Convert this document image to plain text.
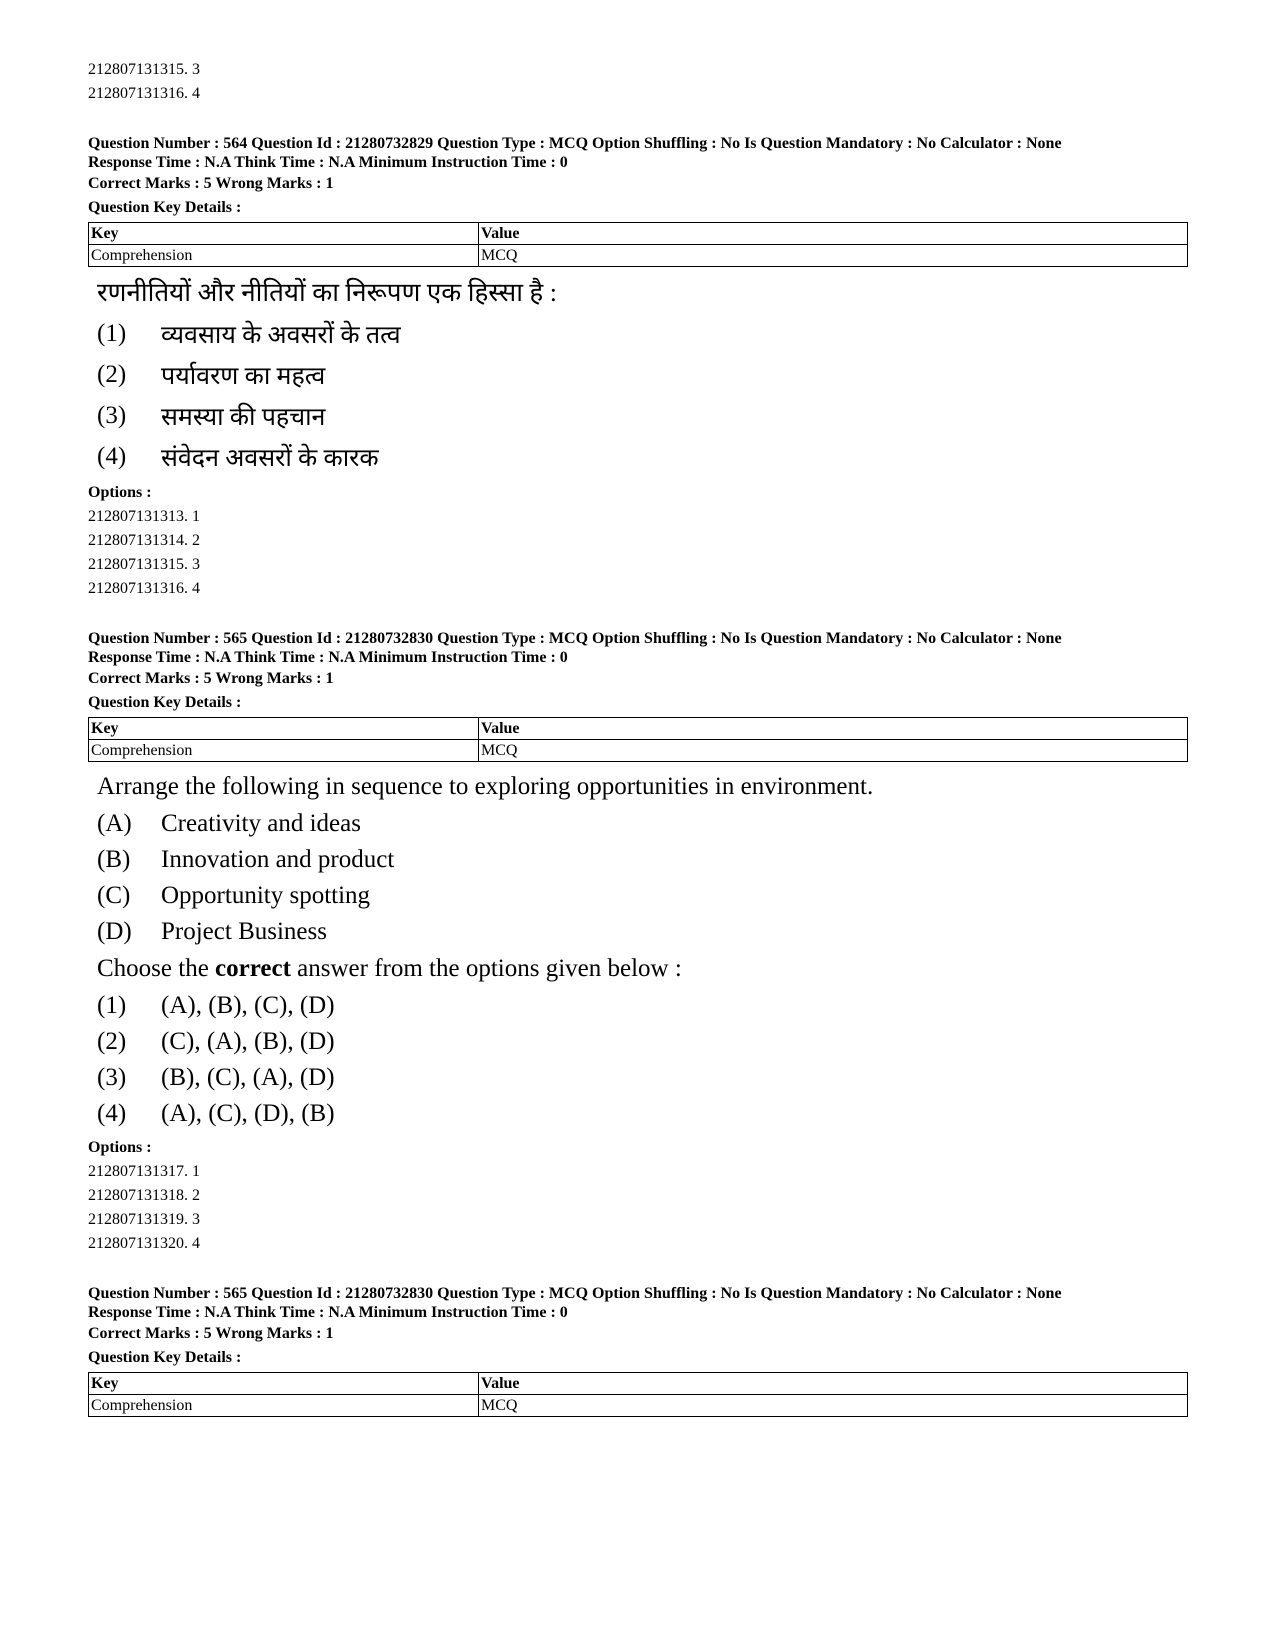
212807131315. 3
212807131316. 4
Question Number : 564 Question Id : 21280732829 Question Type : MCQ Option Shuffling : No Is Question Mandatory : No Calculator : None
Response Time : N.A Think Time : N.A Minimum Instruction Time : 0
Correct Marks : 5 Wrong Marks : 1
Question Key Details :
Key	Value
Comprehension	MCQ
रणनीतियों और नीतियों का निरूपण एक हिस्सा है :
(1)	व्यवसाय के अवसरों के तत्व
(2)	पर्यावरण का महत्व
(3)	समस्या की पहचान
(4)	संवेदन अवसरों के कारक
Options :
212807131313. 1
212807131314. 2
212807131315. 3
212807131316. 4
Question Number : 565 Question Id : 21280732830 Question Type : MCQ Option Shuffling : No Is Question Mandatory : No Calculator : None
Response Time : N.A Think Time : N.A Minimum Instruction Time : 0
Correct Marks : 5 Wrong Marks : 1
Question Key Details :
Key	Value
Comprehension	MCQ
Arrange the following in sequence to exploring opportunities in environment.
(A)	Creativity and ideas
(B)	Innovation and product
(C)	Opportunity spotting
(D)	Project Business
Choose the correct answer from the options given below :
(1)	(A), (B), (C), (D)
(2)	(C), (A), (B), (D)
(3)	(B), (C), (A), (D)
(4)	(A), (C), (D), (B)
Options :
212807131317. 1
212807131318. 2
212807131319. 3
212807131320. 4
Question Number : 565 Question Id : 21280732830 Question Type : MCQ Option Shuffling : No Is Question Mandatory : No Calculator : None
Response Time : N.A Think Time : N.A Minimum Instruction Time : 0
Correct Marks : 5 Wrong Marks : 1
Question Key Details :
Key	Value
Comprehension	MCQ
